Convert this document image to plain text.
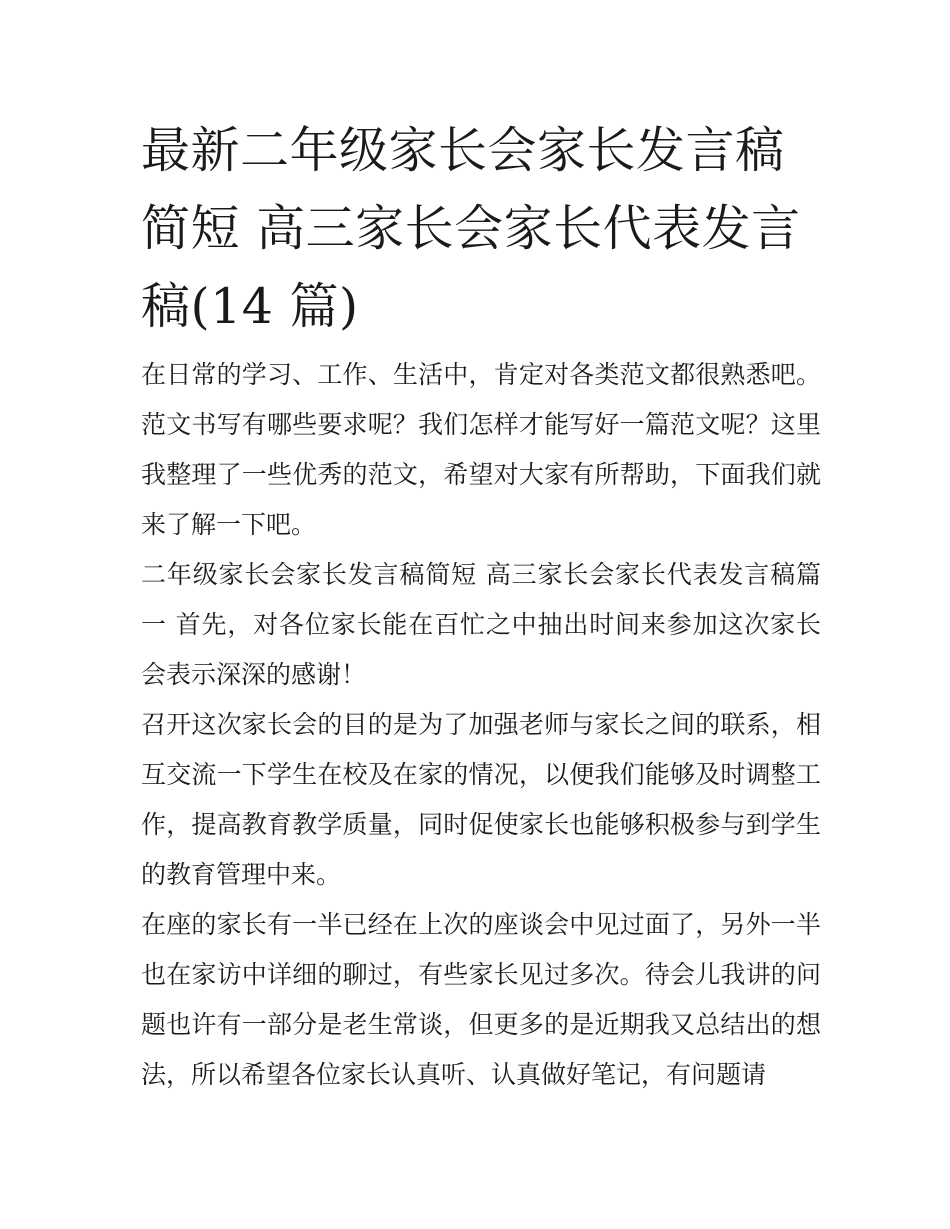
最新二年级家长会家长发言稿简短 高三家长会家长代表发言稿(14 篇)

在日常的学习、工作、生活中，肯定对各类范文都很熟悉吧。范文书写有哪些要求呢？我们怎样才能写好一篇范文呢？这里我整理了一些优秀的范文，希望对大家有所帮助，下面我们就来了解一下吧。

二年级家长会家长发言稿简短 高三家长会家长代表发言稿篇一 首先，对各位家长能在百忙之中抽出时间来参加这次家长会表示深深的感谢！

召开这次家长会的目的是为了加强老师与家长之间的联系，相互交流一下学生在校及在家的情况，以便我们能够及时调整工作，提高教育教学质量，同时促使家长也能够积极参与到学生的教育管理中来。

在座的家长有一半已经在上次的座谈会中见过面了，另外一半也在家访中详细的聊过，有些家长见过多次。待会儿我讲的问题也许有一部分是老生常谈，但更多的是近期我又总结出的想法，所以希望各位家长认真听、认真做好笔记，有问题请
